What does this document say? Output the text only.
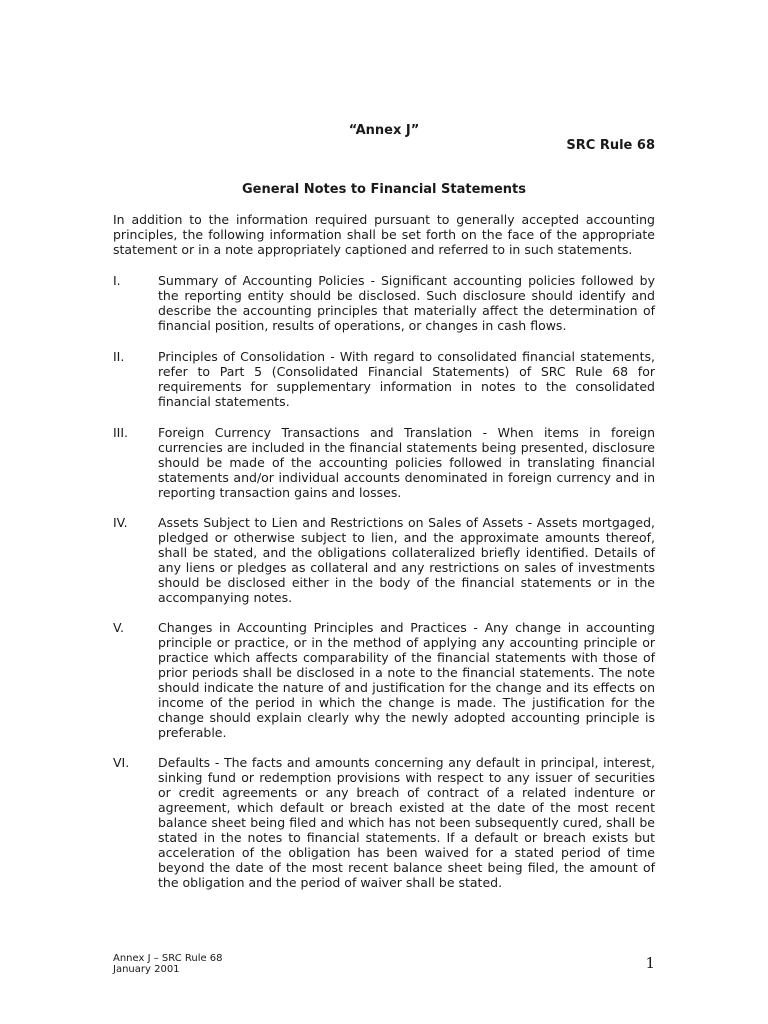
“Annex J”
SRC Rule 68
General Notes to Financial Statements

In addition to the information required pursuant to generally accepted accounting principles, the following information shall be set forth on the face of the appropriate statement or in a note appropriately captioned and referred to in such statements.

I.	Summary of Accounting Policies - Significant accounting policies followed by the reporting entity should be disclosed. Such disclosure should identify and describe the accounting principles that materially affect the determination of financial position, results of operations, or changes in cash flows.
II.	Principles of Consolidation - With regard to consolidated financial statements, refer to Part 5 (Consolidated Financial Statements) of SRC Rule 68 for requirements for supplementary information in notes to the consolidated financial statements.
III. Foreign Currency Transactions and Translation - When items in foreign currencies are included in the financial statements being presented, disclosure should be made of the accounting policies followed in translating financial statements and/or individual accounts denominated in foreign currency and in reporting transaction gains and losses.
IV. Assets Subject to Lien and Restrictions on Sales of Assets - Assets mortgaged, pledged or otherwise subject to lien, and the approximate amounts thereof, shall be stated, and the obligations collateralized briefly identified. Details of any liens or pledges as collateral and any restrictions on sales of investments should be disclosed either in the body of the financial statements or in the accompanying notes.
V.	Changes in Accounting Principles and Practices - Any change in accounting principle or practice, or in the method of applying any accounting principle or practice which affects comparability of the financial statements with those of prior periods shall be disclosed in a note to the financial statements. The note should indicate the nature of and justification for the change and its effects on income of the period in which the change is made. The justification for the change should explain clearly why the newly adopted accounting principle is preferable.
VI. Defaults - The facts and amounts concerning any default in principal, interest, sinking fund or redemption provisions with respect to any issuer of securities or credit agreements or any breach of contract of a related indenture or agreement, which default or breach existed at the date of the most recent balance sheet being filed and which has not been subsequently cured, shall be stated in the notes to financial statements. If a default or breach exists but acceleration of the obligation has been waived for a stated period of time beyond the date of the most recent balance sheet being filed, the amount of the obligation and the period of waiver shall be stated.
Annex J – SRC Rule 68
January 2001	1
